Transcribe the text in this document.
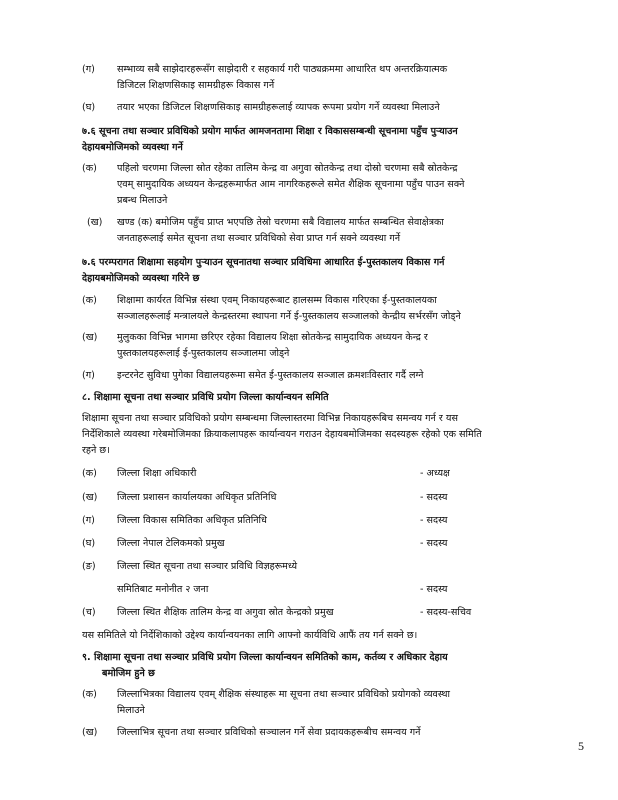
(ग) सम्भाव्य सबै साझेदारहरूसँग साझेदारी र सहकार्य गरी पाठ्यक्रममा आधारित थप अन्तरक्रियात्मक
डिजिटल शिक्षणसिकाइ सामग्रीहरू विकास गर्ने
(घ) तयार भएका डिजिटल शिक्षणसिकाइ सामग्रीहरूलाई व्यापक रूपमा प्रयोग गर्ने व्यवस्था मिलाउने
७.६ सूचना तथा सञ्चार प्रविधिको प्रयोग मार्फत आमजनतामा शिक्षा र विकाससम्बन्धी सूचनामा पहुँच पुऱ्याउन
देहायबमोजिमको व्यवस्था गर्ने
(क) पहिलो चरणमा जिल्ला स्रोत रहेका तालिम केन्द्र वा अगुवा स्रोतकेन्द्र तथा दोस्रो चरणमा सबै स्रोतकेन्द्र
एवम् सामुदायिक अध्ययन केन्द्रहरूमार्फत आम नागरिकहरूले समेत शैक्षिक सूचनामा पहुँच पाउन सक्ने
प्रबन्ध मिलाउने
(ख) खण्ड (क) बमोजिम पहुँच प्राप्त भएपछि तेस्रो चरणमा सबै विद्यालय मार्फत सम्बन्धित सेवाक्षेत्रका
जनताहरूलाई समेत सूचना तथा सञ्चार प्रविधिको सेवा प्राप्त गर्न सक्ने व्यवस्था गर्ने
७.६ परम्परागत शिक्षामा सहयोग पुऱ्याउन सूचनातथा सञ्चार प्रविधिमा आधारित ई-पुस्तकालय विकास गर्न
देहायबमोजिमको व्यवस्था गरिने छ
(क) शिक्षामा कार्यरत विभिन्न संस्था एवम् निकायहरूबाट हालसम्म विकास गरिएका ई-पुस्तकालयका
सञ्जालहरूलाई मन्त्रालयले केन्द्रस्तरमा स्थापना गर्ने ई-पुस्तकालय सञ्जालको केन्द्रीय सर्भरसँग जोड्ने
(ख) मुलुकका विभिन्न भागमा छरिएर रहेका विद्यालय शिक्षा स्रोतकेन्द्र सामुदायिक अध्ययन केन्द्र र
पुस्तकालयहरूलाई ई-पुस्तकालय सञ्जालमा जोड्ने
(ग) इन्टरनेट सुविधा पुगेका विद्यालयहरूमा समेत ई-पुस्तकालय सञ्जाल क्रमशःविस्तार गर्दै लग्ने
८. शिक्षामा सूचना तथा सञ्चार प्रविधि प्रयोग जिल्ला कार्यान्वयन समिति
शिक्षामा सूचना तथा सञ्चार प्रविधिको प्रयोग सम्बन्धमा जिल्लास्तरमा विभिन्न निकायहरूबिच समन्वय गर्न र यस
निर्देशिकाले व्यवस्था गरेबमोजिमका क्रियाकलापहरू कार्यान्वयन गराउन देहायबमोजिमका सदस्यहरू रहेको एक समिति
रहने छ।
(क) जिल्ला शिक्षा अधिकारी	- अध्यक्ष
(ख) जिल्ला प्रशासन कार्यालयका अधिकृत प्रतिनिधि	- सदस्य
(ग) जिल्ला विकास समितिका अधिकृत प्रतिनिधि	- सदस्य
(घ) जिल्ला नेपाल टेलिकमको प्रमुख	- सदस्य
(ङ) जिल्ला स्थित सूचना तथा सञ्चार प्रविधि विज्ञहरूमध्ये
समितिबाट मनोनीत २ जना	- सदस्य
(च) जिल्ला स्थित शैक्षिक तालिम केन्द्र वा अगुवा स्रोत केन्द्रको प्रमुख	- सदस्य-सचिव
यस समितिले यो निर्देशिकाको उद्देश्य कार्यान्वयनका लागि आफ्नो कार्यविधि आफैं तय गर्न सक्ने छ।
९. शिक्षामा सूचना तथा सञ्चार प्रविधि प्रयोग जिल्ला कार्यान्वयन समितिको काम, कर्तव्य र अधिकार देहाय
बमोजिम हुने छ
(क) जिल्लाभित्रका विद्यालय एवम् शैक्षिक संस्थाहरू मा सूचना तथा सञ्चार प्रविधिको प्रयोगको व्यवस्था
मिलाउने
(ख) जिल्लाभित्र सूचना तथा सञ्चार प्रविधिको सञ्चालन गर्ने सेवा प्रदायकहरूबीच समन्वय गर्ने
5
